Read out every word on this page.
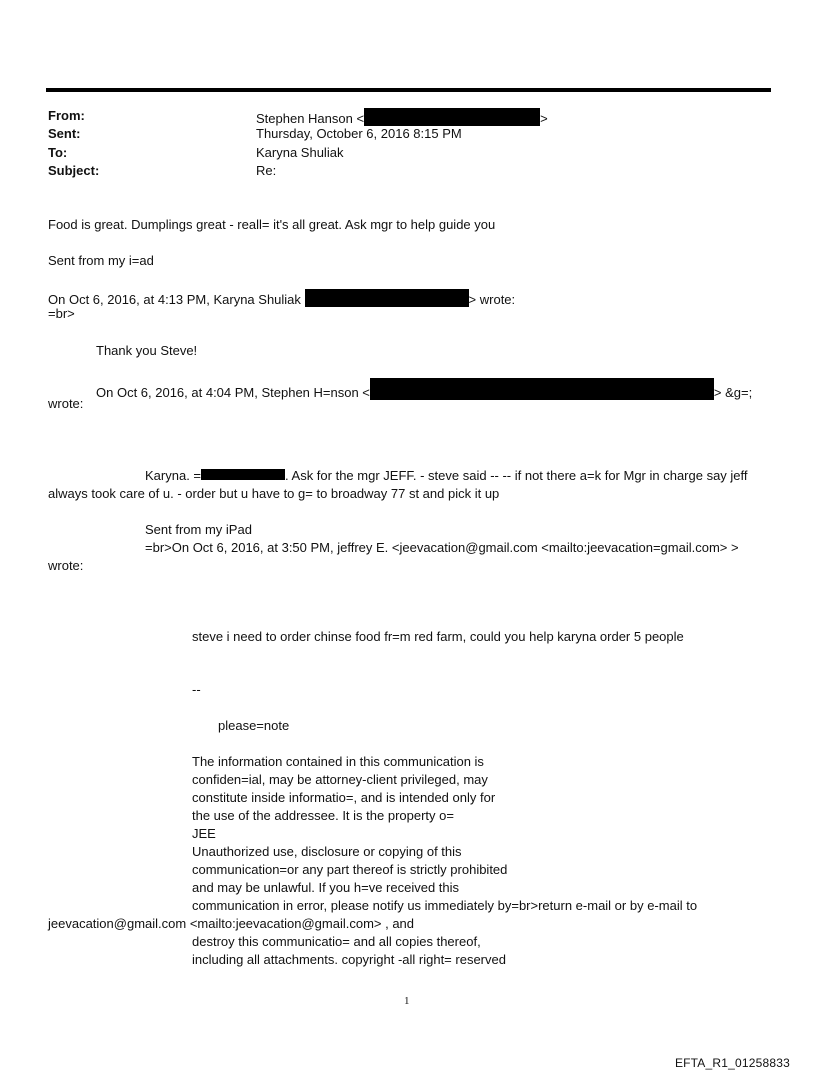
From:	Stephen Hanson <	>
Sent:	Thursday, October 6, 2016 8:15 PM
To:	Karyna Shuliak
Subject:	Re:
Food is great. Dumplings great - reall= it's all great. Ask mgr to help guide you
Sent from my i=ad
On Oct 6, 2016, at 4:13 PM, Karyna Shuliak	> wrote:
=br>
Thank you Steve!
On Oct 6, 2016, at 4:04 PM, Stephen H=nson <	> &g=;
wrote:
Karyna. =	. Ask for the mgr JEFF. - steve said -- -- if not there a=k for Mgr in charge say jeff
always took care of u. - order but u have to g= to broadway 77 st and pick it up
Sent from my iPad
=br>On Oct 6, 2016, at 3:50 PM, jeffrey E. <jeevacation@gmail.com <mailto:jeevacation=gmail.com> >
wrote:
steve i need to order chinse food fr=m red farm, could you help karyna order 5 people
--
please=note
The information contained in this communication is
confiden=ial, may be attorney-client privileged, may
constitute inside informatio=, and is intended only for
the use of the addressee. It is the property o=
JEE
Unauthorized use, disclosure or copying of this
communication=or any part thereof is strictly prohibited
and may be unlawful. If you h=ve received this
communication in error, please notify us immediately by=br>return e-mail or by e-mail to
jeevacation@gmail.com <mailto:jeevacation@gmail.com> , and
destroy this communicatio= and all copies thereof,
including all attachments. copyright -all right= reserved
1
EFTA_R1_01258833
